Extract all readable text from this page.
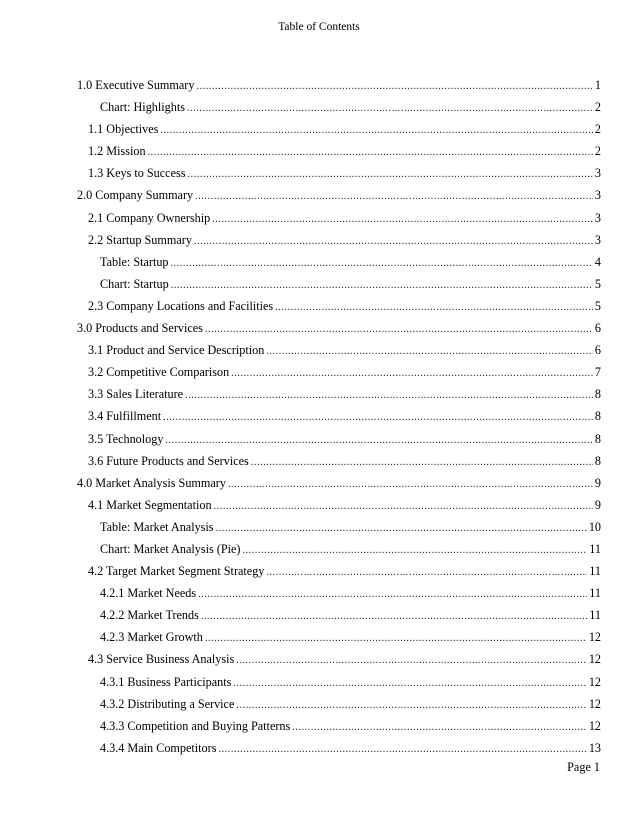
Table of Contents
1.0 Executive Summary .....	1
Chart: Highlights .....	2
1.1 Objectives .....	2
1.2 Mission .....	2
1.3 Keys to Success .....	3
2.0 Company Summary .....	3
2.1 Company Ownership .....	3
2.2 Startup Summary .....	3
Table: Startup .....	4
Chart: Startup .....	5
2.3 Company Locations and Facilities .....	5
3.0 Products and Services .....	6
3.1 Product and Service Description .....	6
3.2 Competitive Comparison .....	7
3.3 Sales Literature .....	8
3.4 Fulfillment .....	8
3.5 Technology .....	8
3.6 Future Products and Services .....	8
4.0 Market Analysis Summary .....	9
4.1 Market Segmentation .....	9
Table: Market Analysis .....	10
Chart: Market Analysis (Pie) .....	11
4.2 Target Market Segment Strategy .....	11
4.2.1 Market Needs .....	11
4.2.2 Market Trends .....	11
4.2.3 Market Growth .....	12
4.3 Service Business Analysis .....	12
4.3.1 Business Participants .....	12
4.3.2 Distributing a Service .....	12
4.3.3 Competition and Buying Patterns .....	12
4.3.4 Main Competitors .....	13
Page 1
